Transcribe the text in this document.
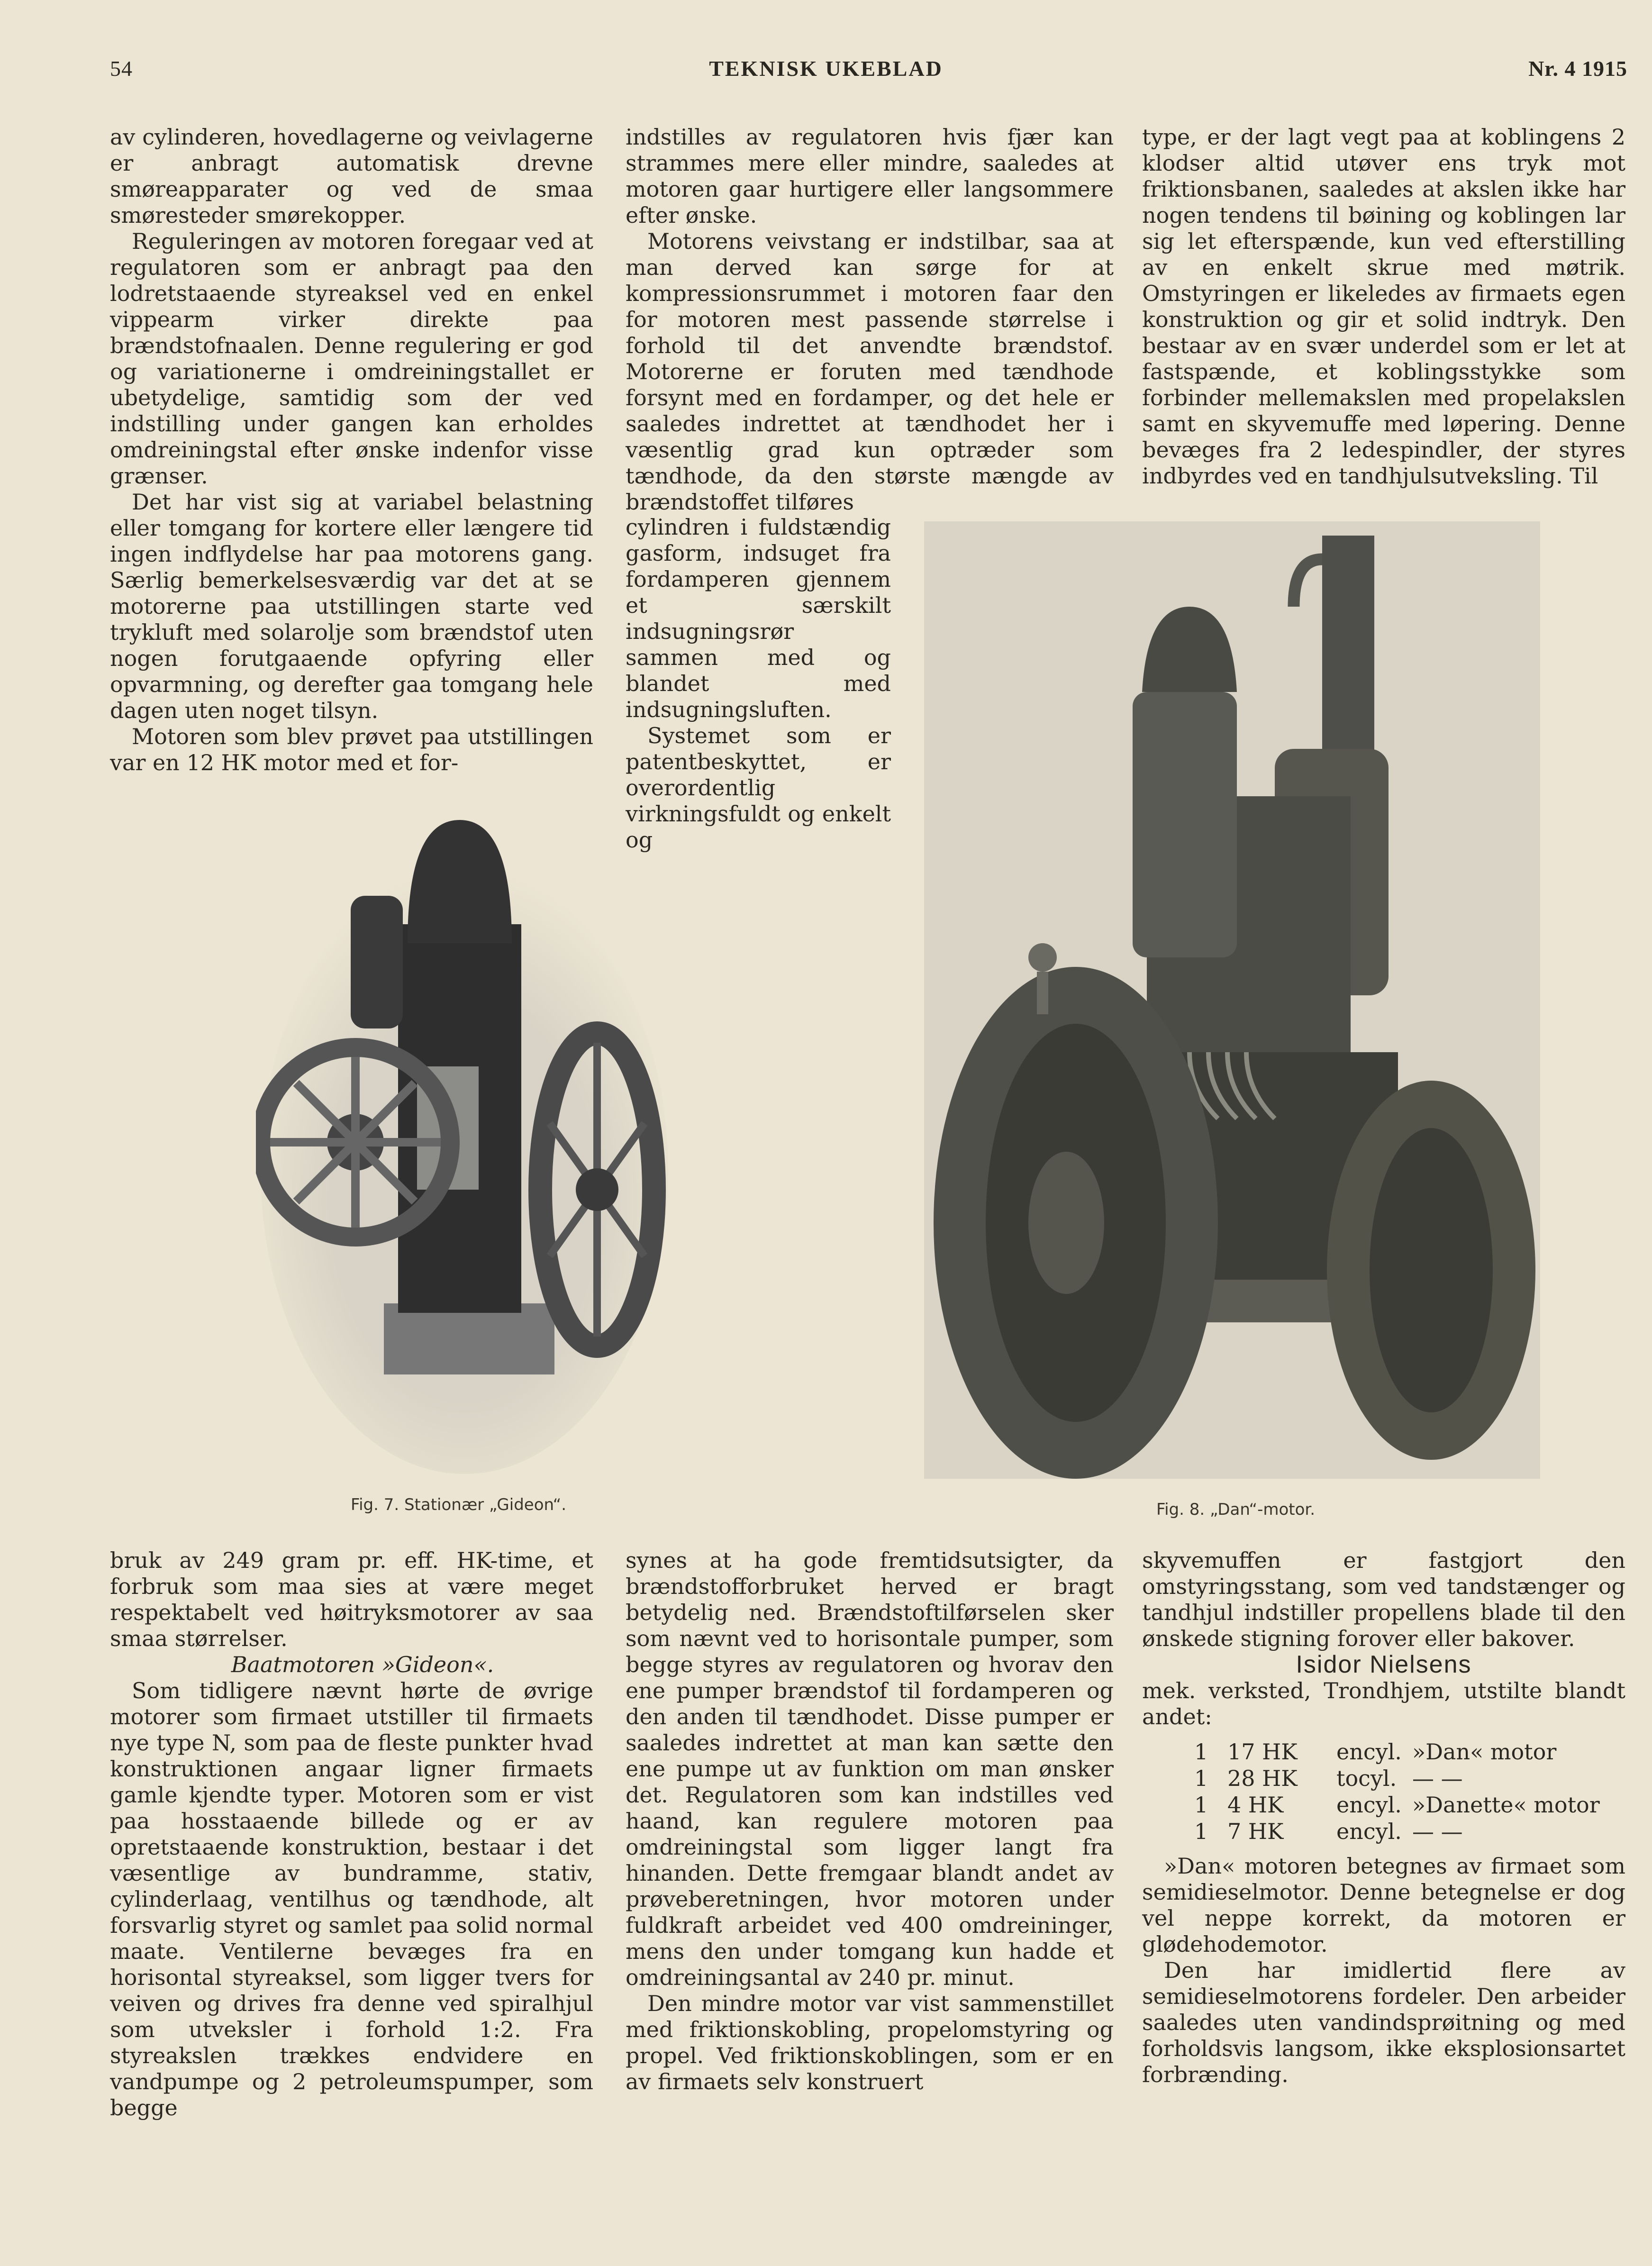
54	TEKNISK UKEBLAD	Nr. 4 1915

av cylinderen, hovedlagerne og veivlagerne er anbragt automatisk drevne smøreapparater og ved de smaa smøresteder smørekopper.

Reguleringen av motoren foregaar ved at regulatoren som er anbragt paa den lodretstaaende styreaksel ved en enkel vippearm virker direkte paa brændstofnaalen. Denne regulering er god og variationerne i omdreiningstallet er ubetydelige, samtidig som der ved indstilling under gangen kan erholdes omdreiningstal efter ønske indenfor visse grænser.

Det har vist sig at variabel belastning eller tomgang for kortere eller længere tid ingen indflydelse har paa motorens gang. Særlig bemerkelsesværdig var det at se motorerne paa utstillingen starte ved trykluft med solarolje som brændstof uten nogen forutgaaende opfyring eller opvarmning, og derefter gaa tomgang hele dagen uten noget tilsyn.

Motoren som blev prøvet paa utstillingen var en 12 HK motor med et for-

indstilles av regulatoren hvis fjær kan strammes mere eller mindre, saaledes at motoren gaar hurtigere eller langsommere efter ønske.

Motorens veivstang er indstilbar, saa at man derved kan sørge for at kompressionsrummet i motoren faar den for motoren mest passende størrelse i forhold til det anvendte brændstof. Motorerne er foruten med tændhode forsynt med en fordamper, og det hele er saaledes indrettet at tændhodet her i væsentlig grad kun optræder som tændhode, da den største mængde av brændstoffet tilføres

cylindren i fuldstændig gasform, indsuget fra fordamperen gjennem et særskilt indsugningsrør sammen med og blandet med indsugningsluften.

Systemet som er patentbeskyttet, er overordentlig virkningsfuldt og enkelt og

type, er der lagt vegt paa at koblingens 2 klodser altid utøver ens tryk mot friktionsbanen, saaledes at akslen ikke har nogen tendens til bøining og koblingen lar sig let efterspænde, kun ved efterstilling av en enkelt skrue med møtrik. Omstyringen er likeledes av firmaets egen konstruktion og gir et solid indtryk. Den bestaar av en svær underdel som er let at fastspænde, et koblingsstykke som forbinder mellemakslen med propelakslen samt en skyvemuffe med løpering. Denne bevæges fra 2 ledespindler, der styres indbyrdes ved en tandhjulsutveksling. Til

Fig. 7. Stationær „Gideon“.	Fig. 8. „Dan“-motor.

bruk av 249 gram pr. eff. HK-time, et forbruk som maa sies at være meget respektabelt ved høitryksmotorer av saa smaa størrelser.

Baatmotoren »Gideon«.

Som tidligere nævnt hørte de øvrige motorer som firmaet utstiller til firmaets nye type N, som paa de fleste punkter hvad konstruktionen angaar ligner firmaets gamle kjendte typer. Motoren som er vist paa hosstaaende billede og er av opretstaaende konstruktion, bestaar i det væsentlige av bundramme, stativ, cylinderlaag, ventilhus og tændhode, alt forsvarlig styret og samlet paa solid normal maate. Ventilerne bevæges fra en horisontal styreaksel, som ligger tvers for veiven og drives fra denne ved spiralhjul som utveksler i forhold 1:2. Fra styreakslen trækkes endvidere en vandpumpe og 2 petroleumspumper, som begge

synes at ha gode fremtidsutsigter, da brændstofforbruket herved er bragt betydelig ned. Brændstoftilførselen sker som nævnt ved to horisontale pumper, som begge styres av regulatoren og hvorav den ene pumper brændstof til fordamperen og den anden til tændhodet. Disse pumper er saaledes indrettet at man kan sætte den ene pumpe ut av funktion om man ønsker det. Regulatoren som kan indstilles ved haand, kan regulere motoren paa omdreiningstal som ligger langt fra hinanden. Dette fremgaar blandt andet av prøveberetningen, hvor motoren under fuldkraft arbeidet ved 400 omdreininger, mens den under tomgang kun hadde et omdreiningsantal av 240 pr. minut.

Den mindre motor var vist sammenstillet med friktionskobling, propelomstyring og propel. Ved friktionskoblingen, som er en av firmaets selv konstruert

skyvemuffen er fastgjort den omstyringsstang, som ved tandstænger og tandhjul indstiller propellens blade til den ønskede stigning forover eller bakover.

Isidor Nielsens

mek. verksted, Trondhjem, utstilte blandt andet:

1 17 HK	encyl. »Dan« motor
1 28 HK	tocyl. — —
1 4 HK	encyl. »Danette« motor
1 7 HK	encyl. — —

»Dan« motoren betegnes av firmaet som semidieselmotor. Denne betegnelse er dog vel neppe korrekt, da motoren er glødehodemotor.

Den har imidlertid flere av semidieselmotorens fordeler. Den arbeider saaledes uten vandindsprøitning og med forholdsvis langsom, ikke eksplosionsartet forbrænding.
